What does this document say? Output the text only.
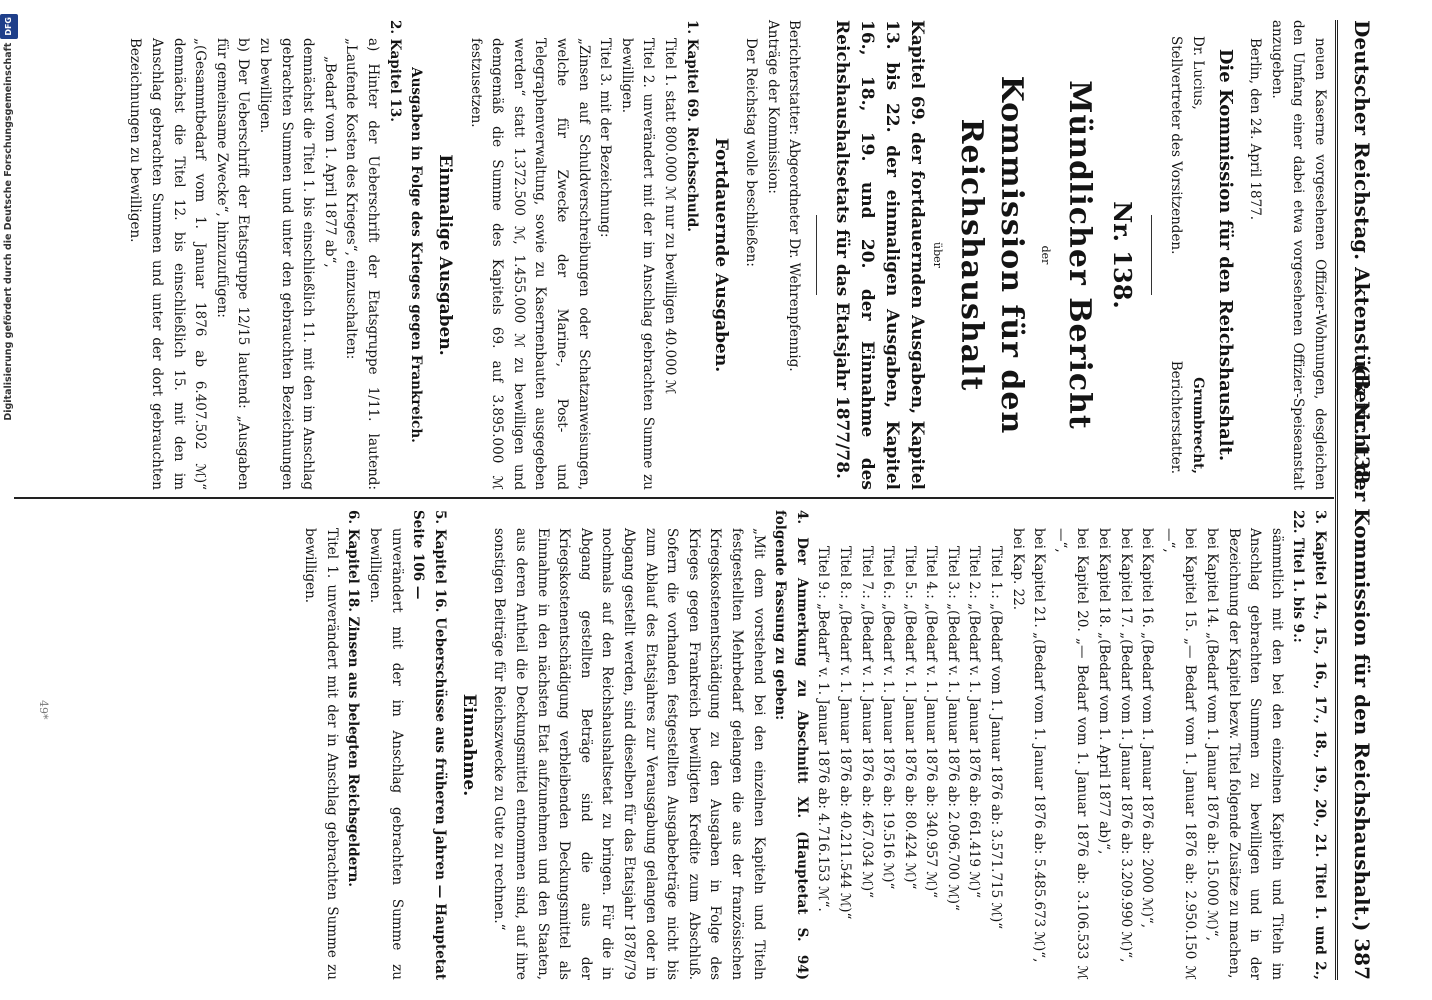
Deutscher Reichstag. Aktenstück Nr. 138.
(Bericht der Kommission für den Reichshaushalt.) 387

neuen Kaserne vorgesehenen Offizier-Wohnungen, desgleichen den Umfang einer dabei etwa vorgesehenen Offizier-Speiseanstalt anzugeben.

Berlin, den 24. April 1877.

Die Kommission für den Reichshaushalt.

Dr. Lucius,
Grumbrecht,
Stellvertreter des Vorsitzenden.
Berichterstatter.

Nr. 138.

Mündlicher Bericht

der

Kommission für den Reichshaushalt

über

Kapitel 69. der fortdauernden Ausgaben, Kapitel 13. bis 22. der einmaligen Ausgaben, Kapitel 16., 18., 19. und 20. der Einnahme des Reichshaushaltsetats für das Etatsjahr 1877/78.

Berichterstatter: Abgeordneter Dr. Wehrenpfennig.

Anträge der Kommission:

Der Reichstag wolle beschließen:

Fortdauernde Ausgaben.

1. Kapitel 69. Reichsschuld.

Titel 1. statt 800.000 ℳ nur zu bewilligen 40.000 ℳ

Titel 2. unverändert mit der im Anschlag gebrachten Summe zu bewilligen.

Titel 3. mit der Bezeichnung:

„Zinsen auf Schuldverschreibungen oder Schatzanweisungen, welche für Zwecke der Marine-, Post- und Telegraphenverwaltung, sowie zu Kasernenbauten ausgegeben werden“ statt 1.372.500 ℳ, 1.455.000 ℳ zu bewilligen und demgemäß die Summe des Kapitels 69. auf 3.895.000 ℳ festzusetzen.

Einmalige Ausgaben.

Ausgaben in Folge des Krieges gegen Frankreich.

2. Kapitel 13.

a) Hinter der Ueberschrift der Etatsgruppe 1/11. lautend: „Laufende Kosten des Krieges“, einzuschalten:

„Bedarf vom 1. April 1877 ab“,

demnächst die Titel 1. bis einschließlich 11. mit den im Anschlag gebrachten Summen und unter den gebrauchten Bezeichnungen zu bewilligen.

b) Der Ueberschrift der Etatsgruppe 12/15 lautend: „Ausgaben für gemeinsame Zwecke“, hinzuzufügen:

„(Gesammtbedarf vom 1. Januar 1876 ab 6.407.502 ℳ)“ demnächst die Titel 12. bis einschließlich 15. mit den im Anschlag gebrachten Summen und unter der dort gebrauchten Bezeichnungen zu bewilligen.

3. Kapitel 14., 15., 16., 17., 18., 19., 20., 21. Titel 1. und 2., 22. Titel 1. bis 9.:

sämmtlich mit den bei den einzelnen Kapiteln und Titeln im Anschlag gebrachten Summen zu bewilligen und in der Bezeichnung der Kapitel bezw. Titel folgende Zusätze zu machen,

bei Kapitel 14. „(Bedarf vom 1. Januar 1876 ab: 15.000 ℳ)“,

bei Kapitel 15. „— Bedarf vom 1. Januar 1876 ab: 2.950.150 ℳ —“,

bei Kapitel 16. „(Bedarf vom 1. Januar 1876 ab: 2000 ℳ)“,

bei Kapitel 17. „(Bedarf vom 1. Januar 1876 ab: 3.209.990 ℳ)“,

bei Kapitel 18. „(Bedarf vom 1. April 1877 ab)“,

bei Kapitel 20. „— Bedarf vom 1. Januar 1876 ab: 3.106.533 ℳ —“,

bei Kapitel 21. „(Bedarf vom 1. Januar 1876 ab: 5.485.673 ℳ)“,

bei Kap. 22.

Titel 1.: „(Bedarf vom 1. Januar 1876 ab: 3.571.715 ℳ)“

Titel 2.: „(Bedarf v. 1. Januar 1876 ab: 661.419 ℳ)“

Titel 3.: „(Bedarf v. 1. Januar 1876 ab: 2.096.700 ℳ)“

Titel 4.: „(Bedarf v. 1. Januar 1876 ab: 340.957 ℳ)“

Titel 5.: „(Bedarf v. 1. Januar 1876 ab: 80.424 ℳ)“

Titel 6.: „(Bedarf v. 1. Januar 1876 ab: 19.516 ℳ)“

Titel 7.: „(Bedarf v. 1. Januar 1876 ab: 467.034 ℳ)“

Titel 8.: „(Bedarf v. 1. Januar 1876 ab: 40.211.544 ℳ)“

Titel 9.: „Bedarf“ v. 1. Januar 1876 ab: 4.716.153 ℳ“.

4. Der Anmerkung zu Abschnitt XI. (Hauptetat S. 94) folgende Fassung zu geben:

„Mit dem vorstehend bei den einzelnen Kapiteln und Titeln festgestellten Mehrbedarf gelangen die aus der französischen Kriegskostenentschädigung zu den Ausgaben in Folge des Krieges gegen Frankreich bewilligten Kredite zum Abschluß. Sofern die vorhanden festgestellten Ausgabebeträge nicht bis zum Ablauf des Etatsjahres zur Verausgabung gelangen oder in Abgang gestellt werden, sind dieselben für das Etatsjahr 1878/79 nochmals auf den Reichshaushaltsetat zu bringen. Für die in Abgang gestellten Beträge sind die aus der Kriegskostenentschädigung verbleibenden Deckungsmittel als Einnahme in den nächsten Etat aufzunehmen und den Staaten, aus deren Antheil die Deckungsmittel entnommen sind, auf ihre sonstigen Beiträge für Reichszwecke zu Gute zu rechnen.“

Einnahme.

5. Kapitel 16. Ueberschüsse aus früheren Jahren — Hauptetat Seite 106 —

unverändert mit der im Anschlag gebrachten Summe zu bewilligen.

6. Kapitel 18. Zinsen aus belegten Reichsgeldern.

Titel 1. unverändert mit der in Anschlag gebrachten Summe zu bewilligen.

49*
Digitalisierung gefördert durch die Deutsche Forschungsgemeinschaft
DFG
